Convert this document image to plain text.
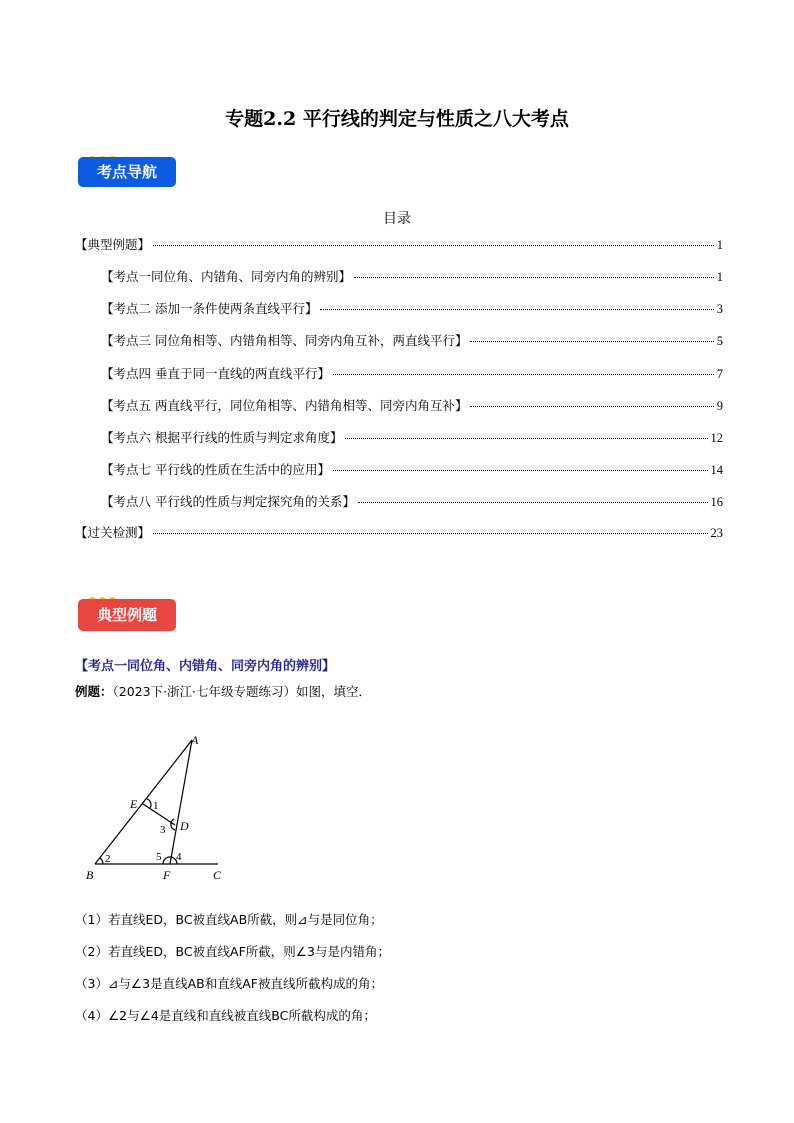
专题2.2 平行线的判定与性质之八大考点
考点导航
目录
【典型例题】	1
【考点一同位角、内错角、同旁内角的辨别】	1
【考点二 添加一条件使两条直线平行】	3
【考点三 同位角相等、内错角相等、同旁内角互补，两直线平行】	5
【考点四 垂直于同一直线的两直线平行】	7
【考点五 两直线平行，同位角相等、内错角相等、同旁内角互补】	9
【考点六 根据平行线的性质与判定求角度】	12
【考点七 平行线的性质在生活中的应用】	14
【考点八 平行线的性质与判定探究角的关系】	16
【过关检测】	23
典型例题
【考点一同位角、内错角、同旁内角的辨别】
例题：（2023下·浙江·七年级专题练习）如图，填空．
A
E
D
B	F	C
1
2
3
4
5
（1）若直线ED，BC被直线AB所截，则⊿与是同位角；
（2）若直线ED，BC被直线AF所截，则∠3与是内错角；
（3）⊿与∠3是直线AB和直线AF被直线所截构成的角；
（4）∠2与∠4是直线和直线被直线BC所截构成的角；
